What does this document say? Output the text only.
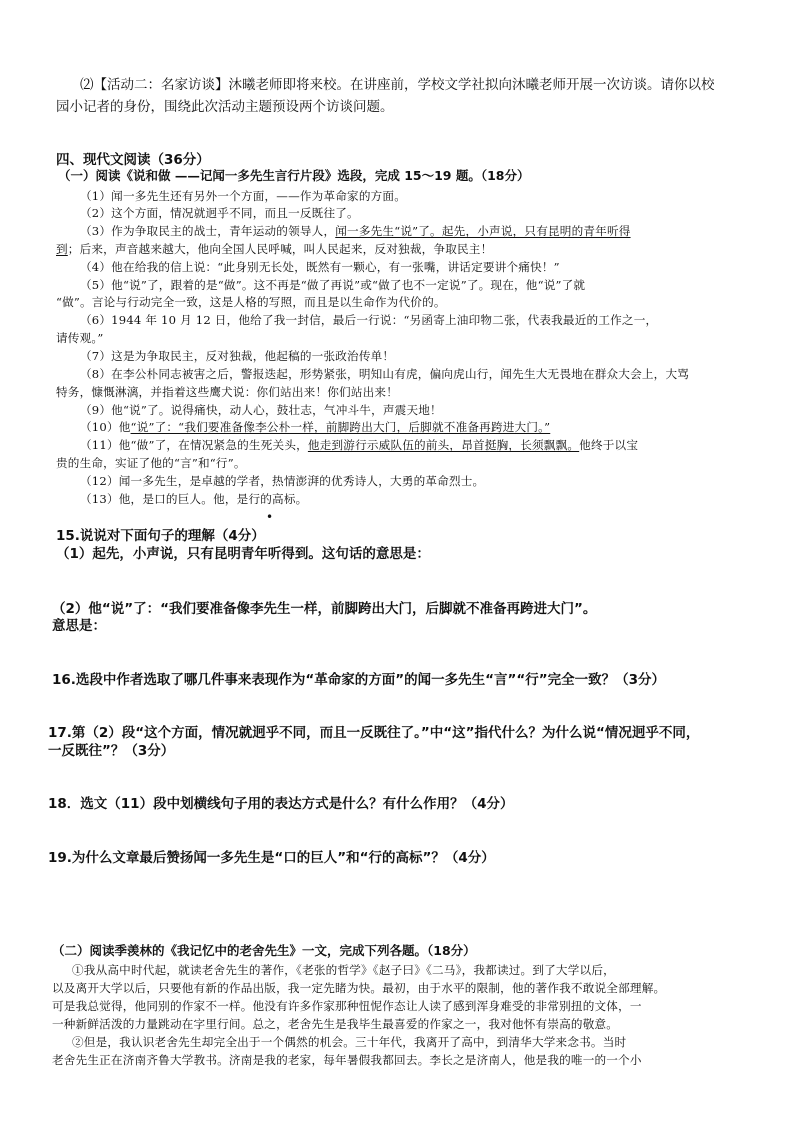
⑵【活动二：名家访谈】沐曦老师即将来校。在讲座前，学校文学社拟向沐曦老师开展一次访谈。请你以校
园小记者的身份，围绕此次活动主题预设两个访谈问题。
四、现代文阅读（36分）
（一）阅读《说和做 ——记闻一多先生言行片段》选段，完成 15～19 题。（18分）
（1）闻一多先生还有另外一个方面，——作为革命家的方面。
（2）这个方面，情况就迥乎不同，而且一反既往了。
（3）作为争取民主的战士，青年运动的领导人，闻一多先生“说”了。起先，小声说，只有昆明的青年听得
到；后来，声音越来越大，他向全国人民呼喊，叫人民起来，反对独裁，争取民主！
（4）他在给我的信上说：“此身别无长处，既然有一颗心，有一张嘴，讲话定要讲个痛快！”
（5）他“说”了，跟着的是“做”。这不再是“做了再说”或“做了也不一定说”了。现在，他“说”了就
“做”。言论与行动完全一致，这是人格的写照，而且是以生命作为代价的。
（6）1944 年 10 月 12 日，他给了我一封信，最后一行说：“另函寄上油印物二张，代表我最近的工作之一，
请传观。”
（7）这是为争取民主，反对独裁，他起稿的一张政治传单！
（8）在李公朴同志被害之后，警报迭起，形势紧张，明知山有虎，偏向虎山行，闻先生大无畏地在群众大会上，大骂
特务，慷慨淋漓，并指着这些鹰犬说：你们站出来！你们站出来！
（9）他“说”了。说得痛快，动人心，鼓壮志，气冲斗牛，声震天地！
（10）他“说”了：“我们要准备像李公朴一样，前脚跨出大门，后脚就不准备再跨进大门。”
（11）他“做”了，在情况紧急的生死关头，他走到游行示威队伍的前头，昂首挺胸，长须飘飘。他终于以宝
贵的生命，实证了他的“言”和“行”。
（12）闻一多先生，是卓越的学者，热情澎湃的优秀诗人，大勇的革命烈士。
（13）他，是口的巨人。他，是行的高标。
•
15.说说对下面句子的理解（4分）
（1）起先，小声说，只有昆明青年听得到。这句话的意思是：
（2）他“说”了：“我们要准备像李先生一样，前脚跨出大门，后脚就不准备再跨进大门”。
意思是：
16.选段中作者选取了哪几件事来表现作为“革命家的方面”的闻一多先生“言”“行”完全一致？（3分）
17.第（2）段“这个方面，情况就迥乎不同，而且一反既往了。”中“这”指代什么？为什么说“情况迥乎不同，
一反既往”？（3分）
18．选文（11）段中划横线句子用的表达方式是什么？有什么作用？（4分）
19.为什么文章最后赞扬闻一多先生是“口的巨人”和“行的高标”？（4分）
（二）阅读季羡林的《我记忆中的老舍先生》一文，完成下列各题。（18分）
①我从高中时代起，就读老舍先生的著作，《老张的哲学》《赵子曰》《二马》，我都读过。到了大学以后，
以及离开大学以后，只要他有新的作品出版，我一定先睹为快。最初，由于水平的限制，他的著作我不敢说全部理解。
可是我总觉得，他同别的作家不一样。他没有许多作家那种忸怩作态让人读了感到浑身难受的非常别扭的文体，一
一种新鲜活泼的力量跳动在字里行间。总之，老舍先生是我毕生最喜爱的作家之一，我对他怀有崇高的敬意。
②但是，我认识老舍先生却完全出于一个偶然的机会。三十年代，我离开了高中，到清华大学来念书。当时
老舍先生正在济南齐鲁大学教书。济南是我的老家，每年暑假我都回去。李长之是济南人，他是我的唯一的一个小
